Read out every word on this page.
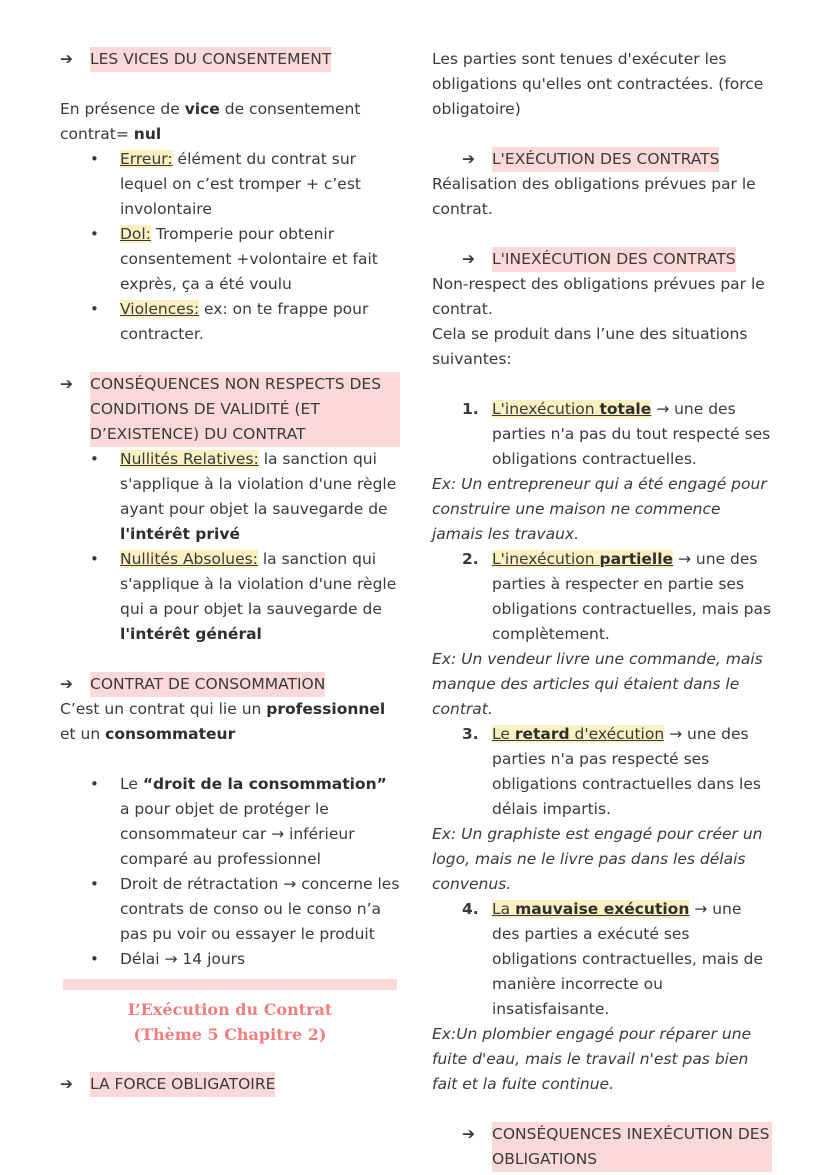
➔	LES VICES DU CONSENTEMENT

En présence de vice de consentement contrat= nul

• Erreur: élément du contrat sur lequel on c’est tromper + c’est involontaire
• Dol: Tromperie pour obtenir consentement +volontaire et fait exprès, ça a été voulu
• Violences: ex: on te frappe pour contracter.
➔	CONSÉQUENCES NON RESPECTS DES CONDITIONS DE VALIDITÉ (ET D’EXISTENCE) DU CONTRAT
• Nullités Relatives: la sanction qui s'applique à la violation d'une règle ayant pour objet la sauvegarde de l'intérêt privé
• Nullités Absolues: la sanction qui s'applique à la violation d'une règle qui a pour objet la sauvegarde de l'intérêt général
➔	CONTRAT DE CONSOMMATION

C’est un contrat qui lie un professionnel et un consommateur

• Le “droit de la consommation” a pour objet de protéger le consommateur car → inférieur comparé au professionnel
• Droit de rétractation → concerne les contrats de conso ou le conso n’a pas pu voir ou essayer le produit
• Délai → 14 jours
L’Exécution du Contrat
(Thème 5 Chapitre 2)
➔	LA FORCE OBLIGATOIRE

Les parties sont tenues d'exécuter les obligations qu'elles ont contractées. (force obligatoire)

➔	L'EXÉCUTION DES CONTRATS

Réalisation des obligations prévues par le contrat.

➔	L'INEXÉCUTION DES CONTRATS

Non-respect des obligations prévues par le contrat.

Cela se produit dans l’une des situations suivantes:

1. L'inexécution totale → une des parties n'a pas du tout respecté ses obligations contractuelles.

Ex: Un entrepreneur qui a été engagé pour construire une maison ne commence jamais les travaux.

2. L'inexécution partielle → une des parties à respecter en partie ses obligations contractuelles, mais pas complètement.

Ex: Un vendeur livre une commande, mais manque des articles qui étaient dans le contrat.

3. Le retard d'exécution → une des parties n'a pas respecté ses obligations contractuelles dans les délais impartis.

Ex: Un graphiste est engagé pour créer un logo, mais ne le livre pas dans les délais convenus.

4. La mauvaise exécution → une des parties a exécuté ses obligations contractuelles, mais de manière incorrecte ou insatisfaisante.

Ex:Un plombier engagé pour réparer une fuite d'eau, mais le travail n'est pas bien fait et la fuite continue.

➔	CONSÉQUENCES INEXÉCUTION DES OBLIGATIONS
